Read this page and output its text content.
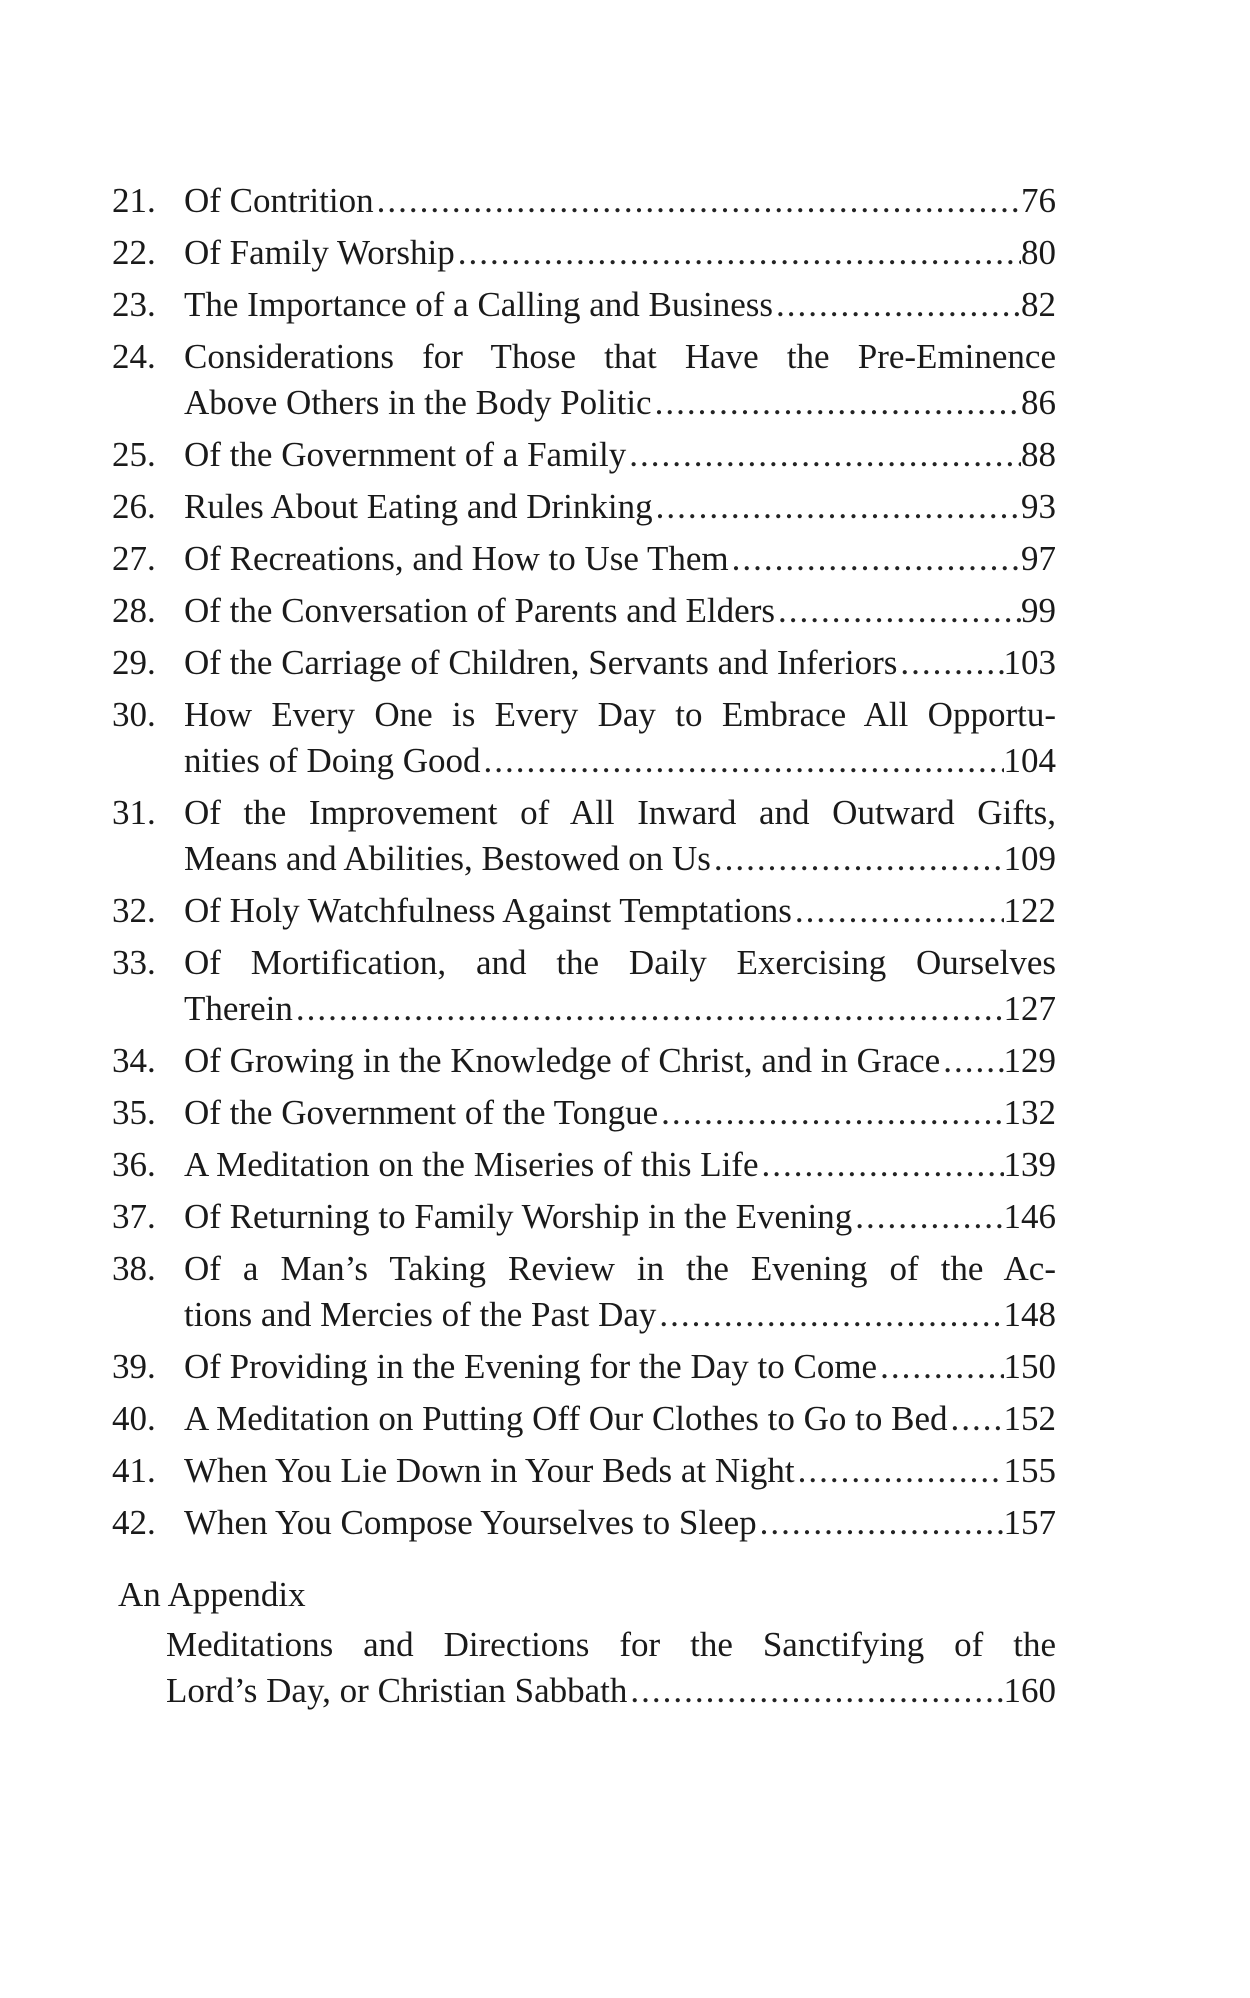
21. Of Contrition .....	76
22. Of Family Worship .....	80
23. The Importance of a Calling and Business .....	82
24. Considerations for Those that Have the Pre-Eminence
Above Others in the Body Politic .....	86
25. Of the Government of a Family .....	88
26. Rules About Eating and Drinking .....	93
27. Of Recreations, and How to Use Them .....	97
28. Of the Conversation of Parents and Elders .....	99
29. Of the Carriage of Children, Servants and Inferiors .....	103
30. How Every One is Every Day to Embrace All Opportu-
nities of Doing Good .....	104
31. Of the Improvement of All Inward and Outward Gifts,
Means and Abilities, Bestowed on Us .....	109
32. Of Holy Watchfulness Against Temptations .....	122
33. Of Mortification, and the Daily Exercising Ourselves
Therein .....	127
34. Of Growing in the Knowledge of Christ, and in Grace ..... 129
35. Of the Government of the Tongue .....	132
36. A Meditation on the Miseries of this Life .....	139
37. Of Returning to Family Worship in the Evening .....	146
38. Of a Man’s Taking Review in the Evening of the Ac-
tions and Mercies of the Past Day .....	148
39. Of Providing in the Evening for the Day to Come .....	150
40. A Meditation on Putting Off Our Clothes to Go to Bed ..... 152
41. When You Lie Down in Your Beds at Night .....	155
42. When You Compose Yourselves to Sleep .....	157
An Appendix
Meditations and Directions for the Sanctifying of the
Lord’s Day, or Christian Sabbath .....	160
